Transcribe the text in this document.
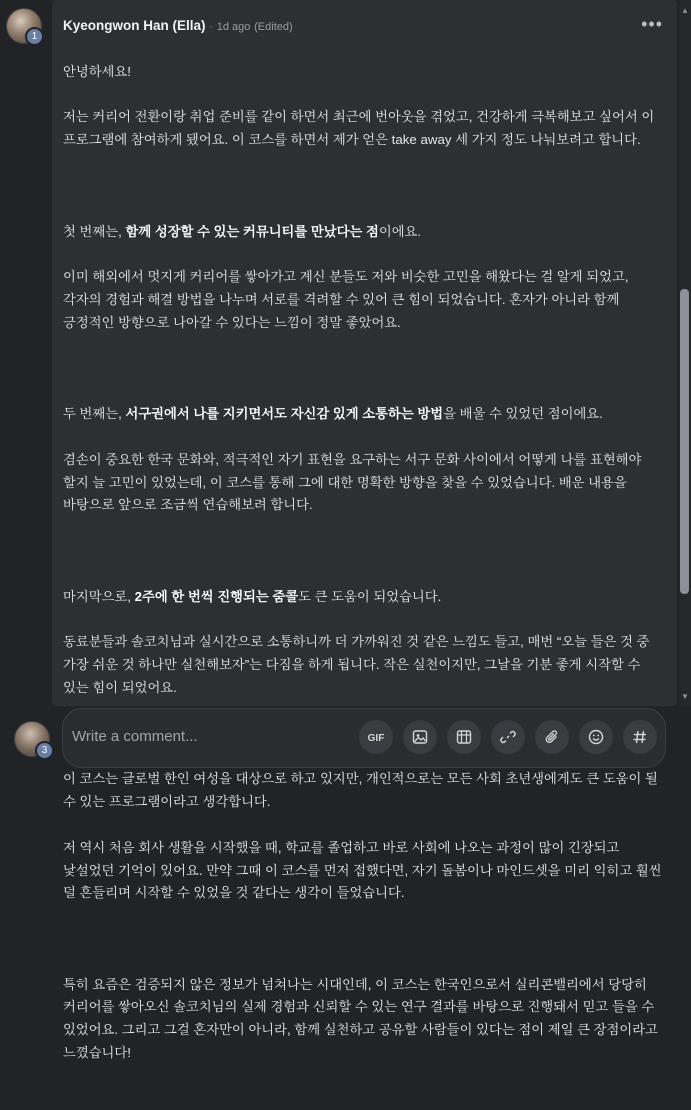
1
Kyeongwon Han (Ella) · 1d ago (Edited)	•••

안녕하세요!

저는 커리어 전환이랑 취업 준비를 같이 하면서 최근에 번아웃을 겪었고, 건강하게 극복해보고 싶어서 이 프로그램에 참여하게 됐어요. 이 코스를 하면서 제가 얻은 take away 세 가지 정도 나눠보려고 합니다.

첫 번째는, 함께 성장할 수 있는 커뮤니티를 만났다는 점이에요.

이미 해외에서 멋지게 커리어를 쌓아가고 계신 분들도 저와 비슷한 고민을 해왔다는 걸 알게 되었고, 각자의 경험과 해결 방법을 나누며 서로를 격려할 수 있어 큰 힘이 되었습니다. 혼자가 아니라 함께 긍정적인 방향으로 나아갈 수 있다는 느낌이 정말 좋았어요.

두 번째는, 서구권에서 나를 지키면서도 자신감 있게 소통하는 방법을 배울 수 있었던 점이에요.

겸손이 중요한 한국 문화와, 적극적인 자기 표현을 요구하는 서구 문화 사이에서 어떻게 나를 표현해야 할지 늘 고민이 있었는데, 이 코스를 통해 그에 대한 명확한 방향을 찾을 수 있었습니다. 배운 내용을 바탕으로 앞으로 조금씩 연습해보려 합니다.

마지막으로, 2주에 한 번씩 진행되는 줌콜도 큰 도움이 되었습니다.

동료분들과 솔코치님과 실시간으로 소통하니까 더 가까워진 것 같은 느낌도 들고, 매번 “오늘 들은 것 중 가장 쉬운 것 하나만 실천해보자”는 다짐을 하게 됩니다. 작은 실천이지만, 그날을 기분 좋게 시작할 수 있는 힘이 되었어요.

이 코스는 글로벌 한인 여성을 대상으로 하고 있지만, 개인적으로는 모든 사회 초년생에게도 큰 도움이 될 수 있는 프로그램이라고 생각합니다.

저 역시 처음 회사 생활을 시작했을 때, 학교를 졸업하고 바로 사회에 나오는 과정이 많이 긴장되고 낯설었던 기억이 있어요. 만약 그때 이 코스를 먼저 접했다면, 자기 돌봄이나 마인드셋을 미리 익히고 훨씬 덜 흔들리며 시작할 수 있었을 것 같다는 생각이 들었습니다.

특히 요즘은 검증되지 않은 정보가 넘쳐나는 시대인데, 이 코스는 한국인으로서 실리콘밸리에서 당당히 커리어를 쌓아오신 솔코치님의 실제 경험과 신뢰할 수 있는 연구 결과를 바탕으로 진행돼서 믿고 들을 수 있었어요. 그리고 그걸 혼자만이 아니라, 함께 실천하고 공유할 사람들이 있다는 점이 제일 큰 장점이라고 느꼈습니다!

▲
▼
3
Write a comment...	GIF
